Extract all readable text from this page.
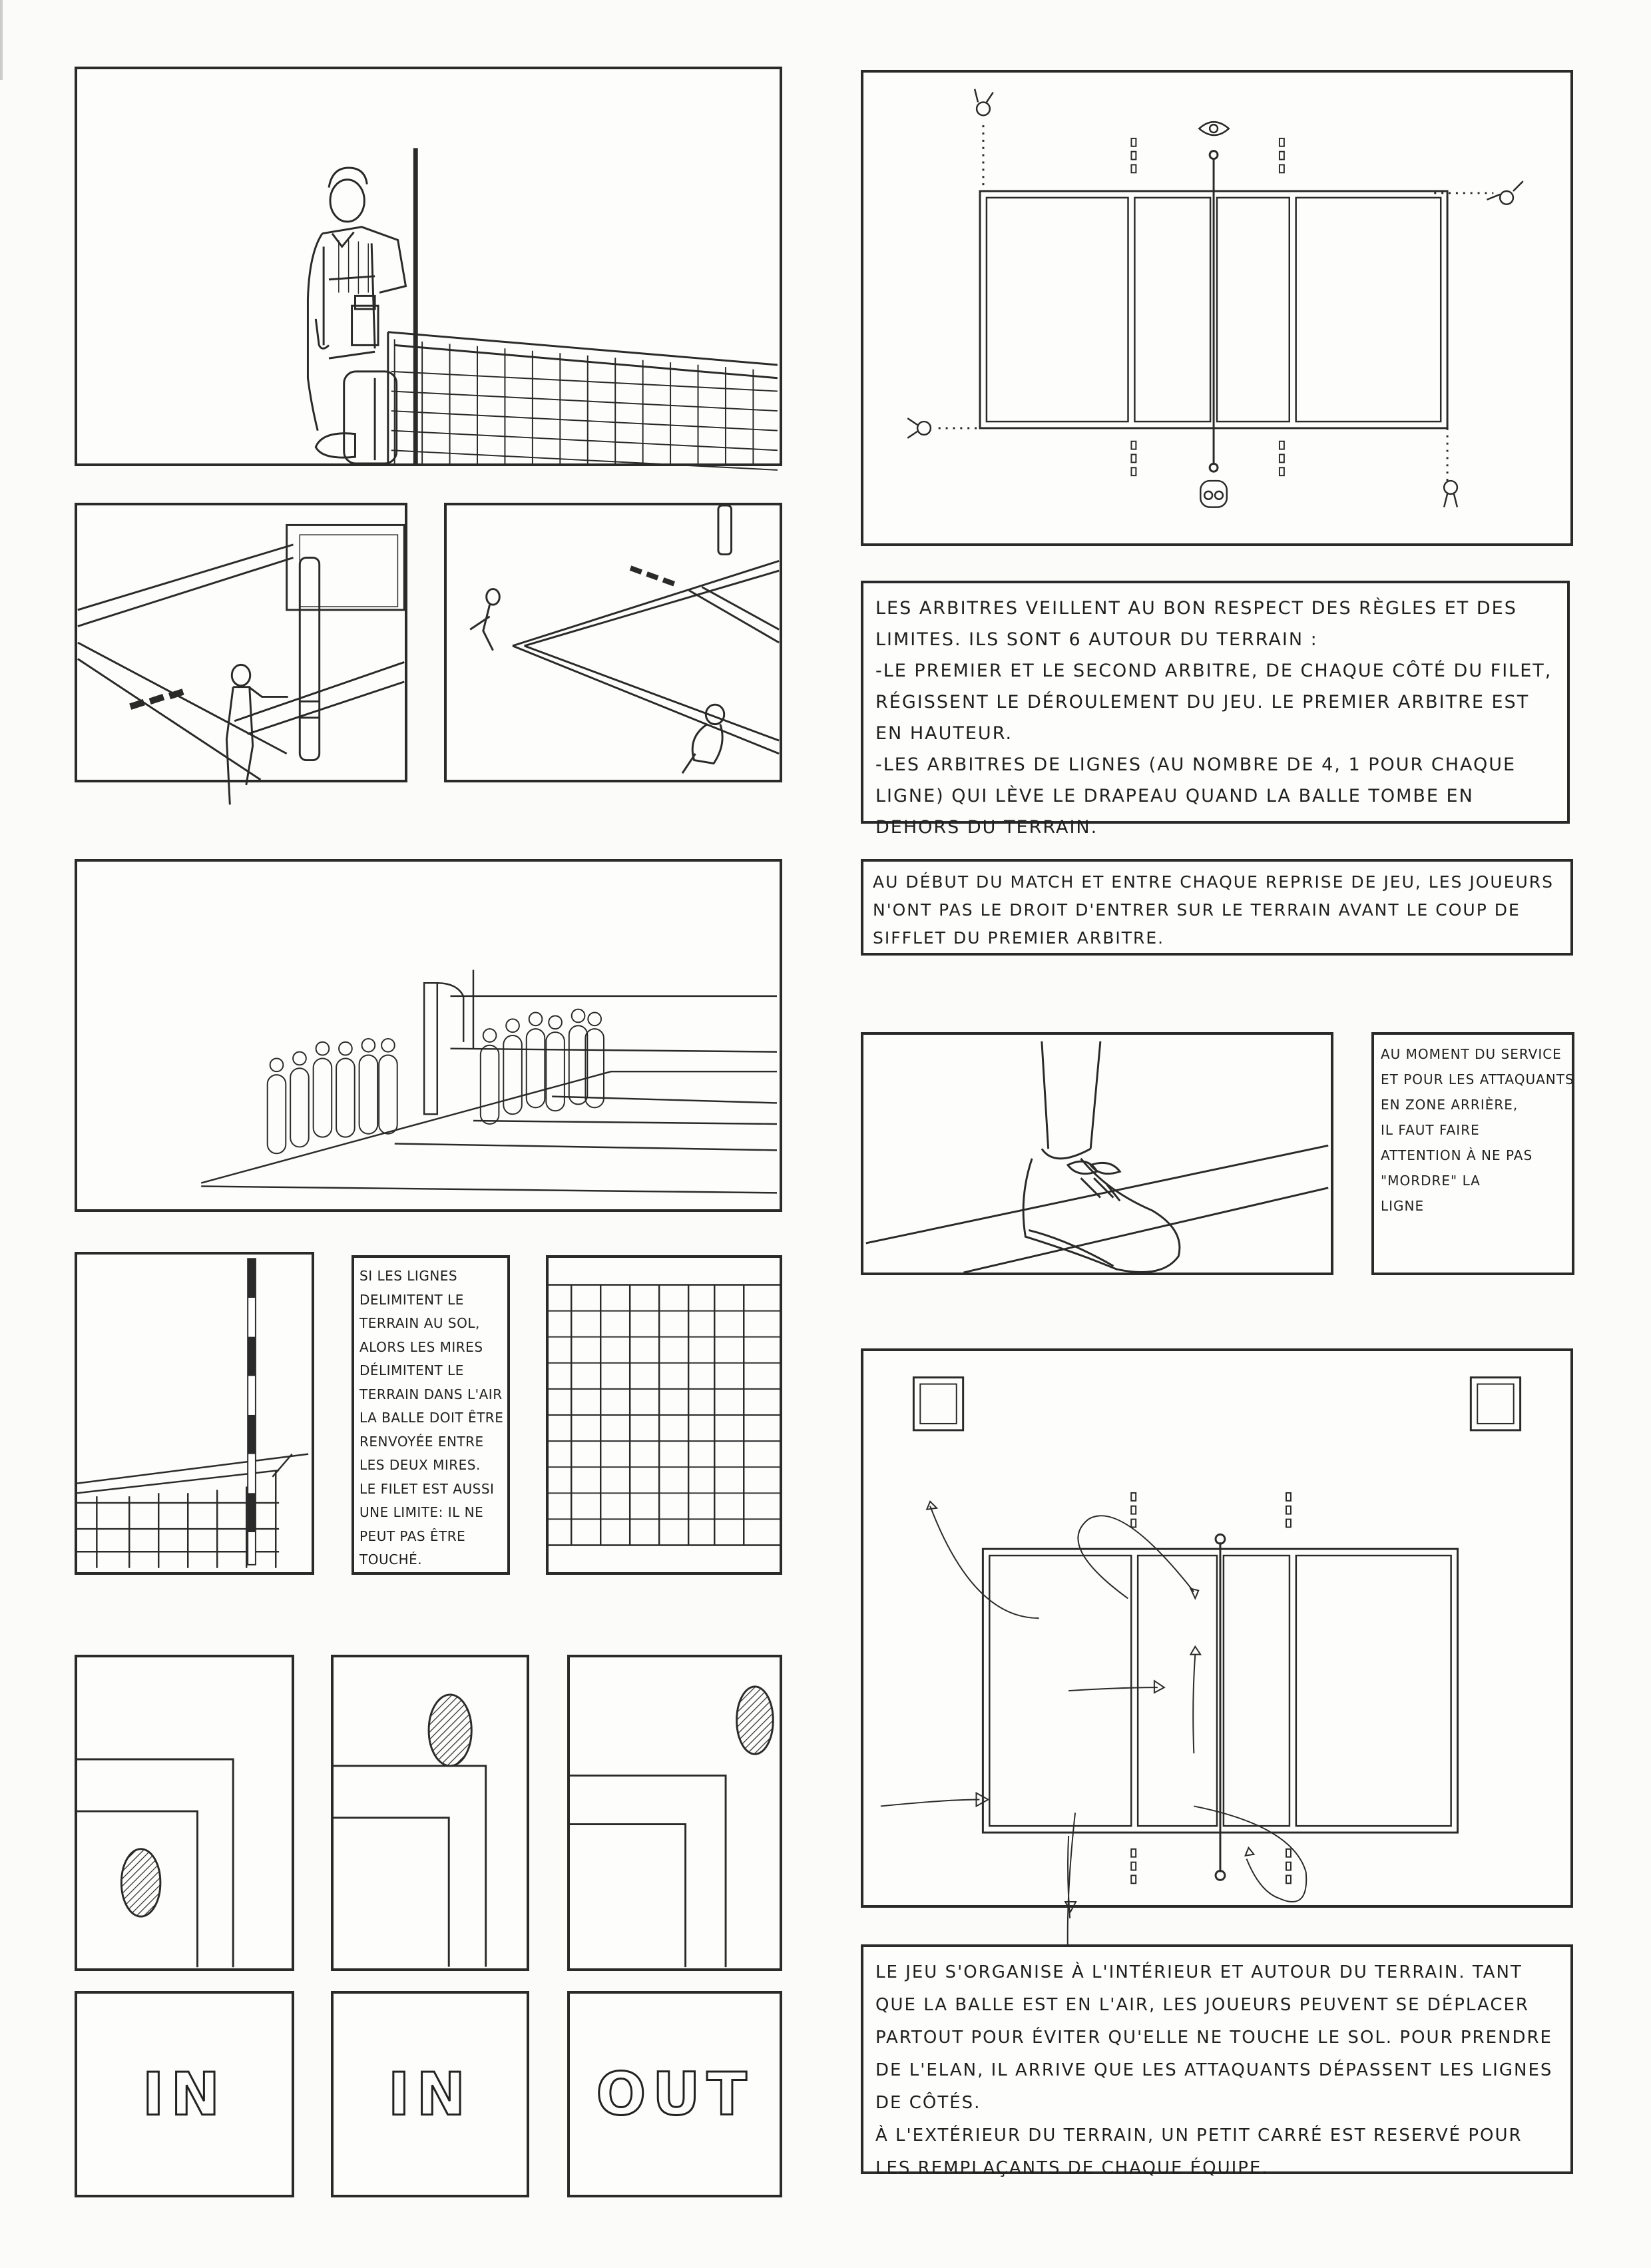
SI LES LIGNES

DELIMITENT LE

TERRAIN AU SOL,

ALORS LES MIRES

DÉLIMITENT LE

TERRAIN DANS L'AIR

LA BALLE DOIT ÊTRE

RENVOYÉE ENTRE

LES DEUX MIRES.

LE FILET EST AUSSI

UNE LIMITE: IL NE

PEUT PAS ÊTRE

TOUCHÉ.

IN	IN	OUT

LES ARBITRES VEILLENT AU BON RESPECT DES RÈGLES ET DES

LIMITES. ILS SONT 6 AUTOUR DU TERRAIN :

-LE PREMIER ET LE SECOND ARBITRE, DE CHAQUE CÔTÉ DU FILET,

RÉGISSENT LE DÉROULEMENT DU JEU. LE PREMIER ARBITRE EST

EN HAUTEUR.

-LES ARBITRES DE LIGNES (AU NOMBRE DE 4, 1 POUR CHAQUE

LIGNE) QUI LÈVE LE DRAPEAU QUAND LA BALLE TOMBE EN

DEHORS DU TERRAIN.

AU DÉBUT DU MATCH ET ENTRE CHAQUE REPRISE DE JEU, LES JOUEURS

N'ONT PAS LE DROIT D'ENTRER SUR LE TERRAIN AVANT LE COUP DE

SIFFLET DU PREMIER ARBITRE.

AU MOMENT DU SERVICE

ET POUR LES ATTAQUANTS

EN ZONE ARRIÈRE,

IL FAUT FAIRE

ATTENTION À NE PAS

"MORDRE" LA

LIGNE

LE JEU S'ORGANISE À L'INTÉRIEUR ET AUTOUR DU TERRAIN. TANT

QUE LA BALLE EST EN L'AIR, LES JOUEURS PEUVENT SE DÉPLACER

PARTOUT POUR ÉVITER QU'ELLE NE TOUCHE LE SOL. POUR PRENDRE

DE L'ELAN, IL ARRIVE QUE LES ATTAQUANTS DÉPASSENT LES LIGNES

DE CÔTÉS.

À L'EXTÉRIEUR DU TERRAIN, UN PETIT CARRÉ EST RESERVÉ POUR

LES REMPLAÇANTS DE CHAQUE ÉQUIPE.
